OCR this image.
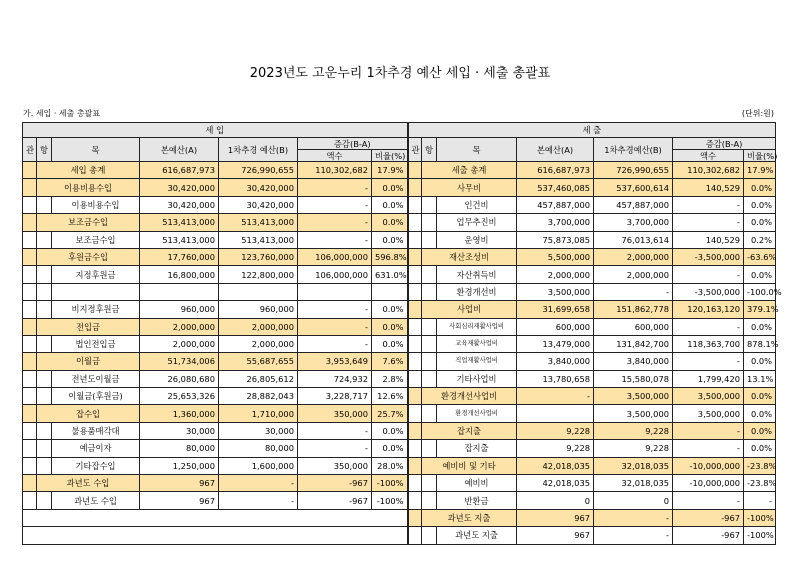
2023년도 고운누리 1차추경 예산 세입 · 세출 총괄표
가. 세입 · 세출 총괄표	(단위:원)
세 입							세 출						
관	항	목	본예산(A)	1차추경 예산(B)	증감(B-A)		관	항	목	본예산(A)	1차추경예산(B)	증감(B-A)	
					액수	비율(%)						액수	비율(%)
	세입 총계		616,687,973	726,990,655	110,302,682	17.9%		세출 총계		616,687,973	726,990,655	110,302,682	17.9%
	이용비용수입		30,420,000	30,420,000	-	0.0%		사무비		537,460,085	537,600,614	140,529	0.0%
		이용비용수입	30,420,000	30,420,000	-	0.0%			인건비	457,887,000	457,887,000	-	0.0%
	보조금수입		513,413,000	513,413,000	-	0.0%			업무추진비	3,700,000	3,700,000	-	0.0%
		보조금수입	513,413,000	513,413,000	-	0.0%			운영비	75,873,085	76,013,614	140,529	0.2%
	후원금수입		17,760,000	123,760,000	106,000,000	596.8%		재산조성비		5,500,000	2,000,000	-3,500,000	-63.6%
		지정후원금	16,800,000	122,800,000	106,000,000	631.0%			자산취득비	2,000,000	2,000,000	-	0.0%
									환경개선비	3,500,000	-	-3,500,000	-100.0%
		비지정후원금	960,000	960,000	-	0.0%		사업비		31,699,658	151,862,778	120,163,120	379.1%
	전입금		2,000,000	2,000,000	-	0.0%			사회심리재활사업비	600,000	600,000	-	0.0%
		법인전입금	2,000,000	2,000,000	-	0.0%			교육재활사업비	13,479,000	131,842,700	118,363,700	878.1%
	이월금		51,734,006	55,687,655	3,953,649	7.6%			직업재활사업비	3,840,000	3,840,000	-	0.0%
		전년도이월금	26,080,680	26,805,612	724,932	2.8%			기타사업비	13,780,658	15,580,078	1,799,420	13.1%
		이월금(후원금)	25,653,326	28,882,043	3,228,717	12.6%		환경개선사업비		-	3,500,000	3,500,000	0.0%
	잡수입		1,360,000	1,710,000	350,000	25.7%			환경개선사업비		3,500,000	3,500,000	0.0%
		불용품매각대	30,000	30,000	-	0.0%		잡지출		9,228	9,228	-	0.0%
		예금이자	80,000	80,000	-	0.0%			잡지출	9,228	9,228	-	0.0%
		기타잡수입	1,250,000	1,600,000	350,000	28.0%		예비비 및 기타		42,018,035	32,018,035	-10,000,000	-23.8%
	과년도 수입		967	-	-967	-100%			예비비	42,018,035	32,018,035	-10,000,000	-23.8%
		과년도 수입	967	-	-967	-100%			반환금	0	0	-	-
								과년도 지출		967	-	-967	-100%
									과년도 지출	967	-	-967	-100%
